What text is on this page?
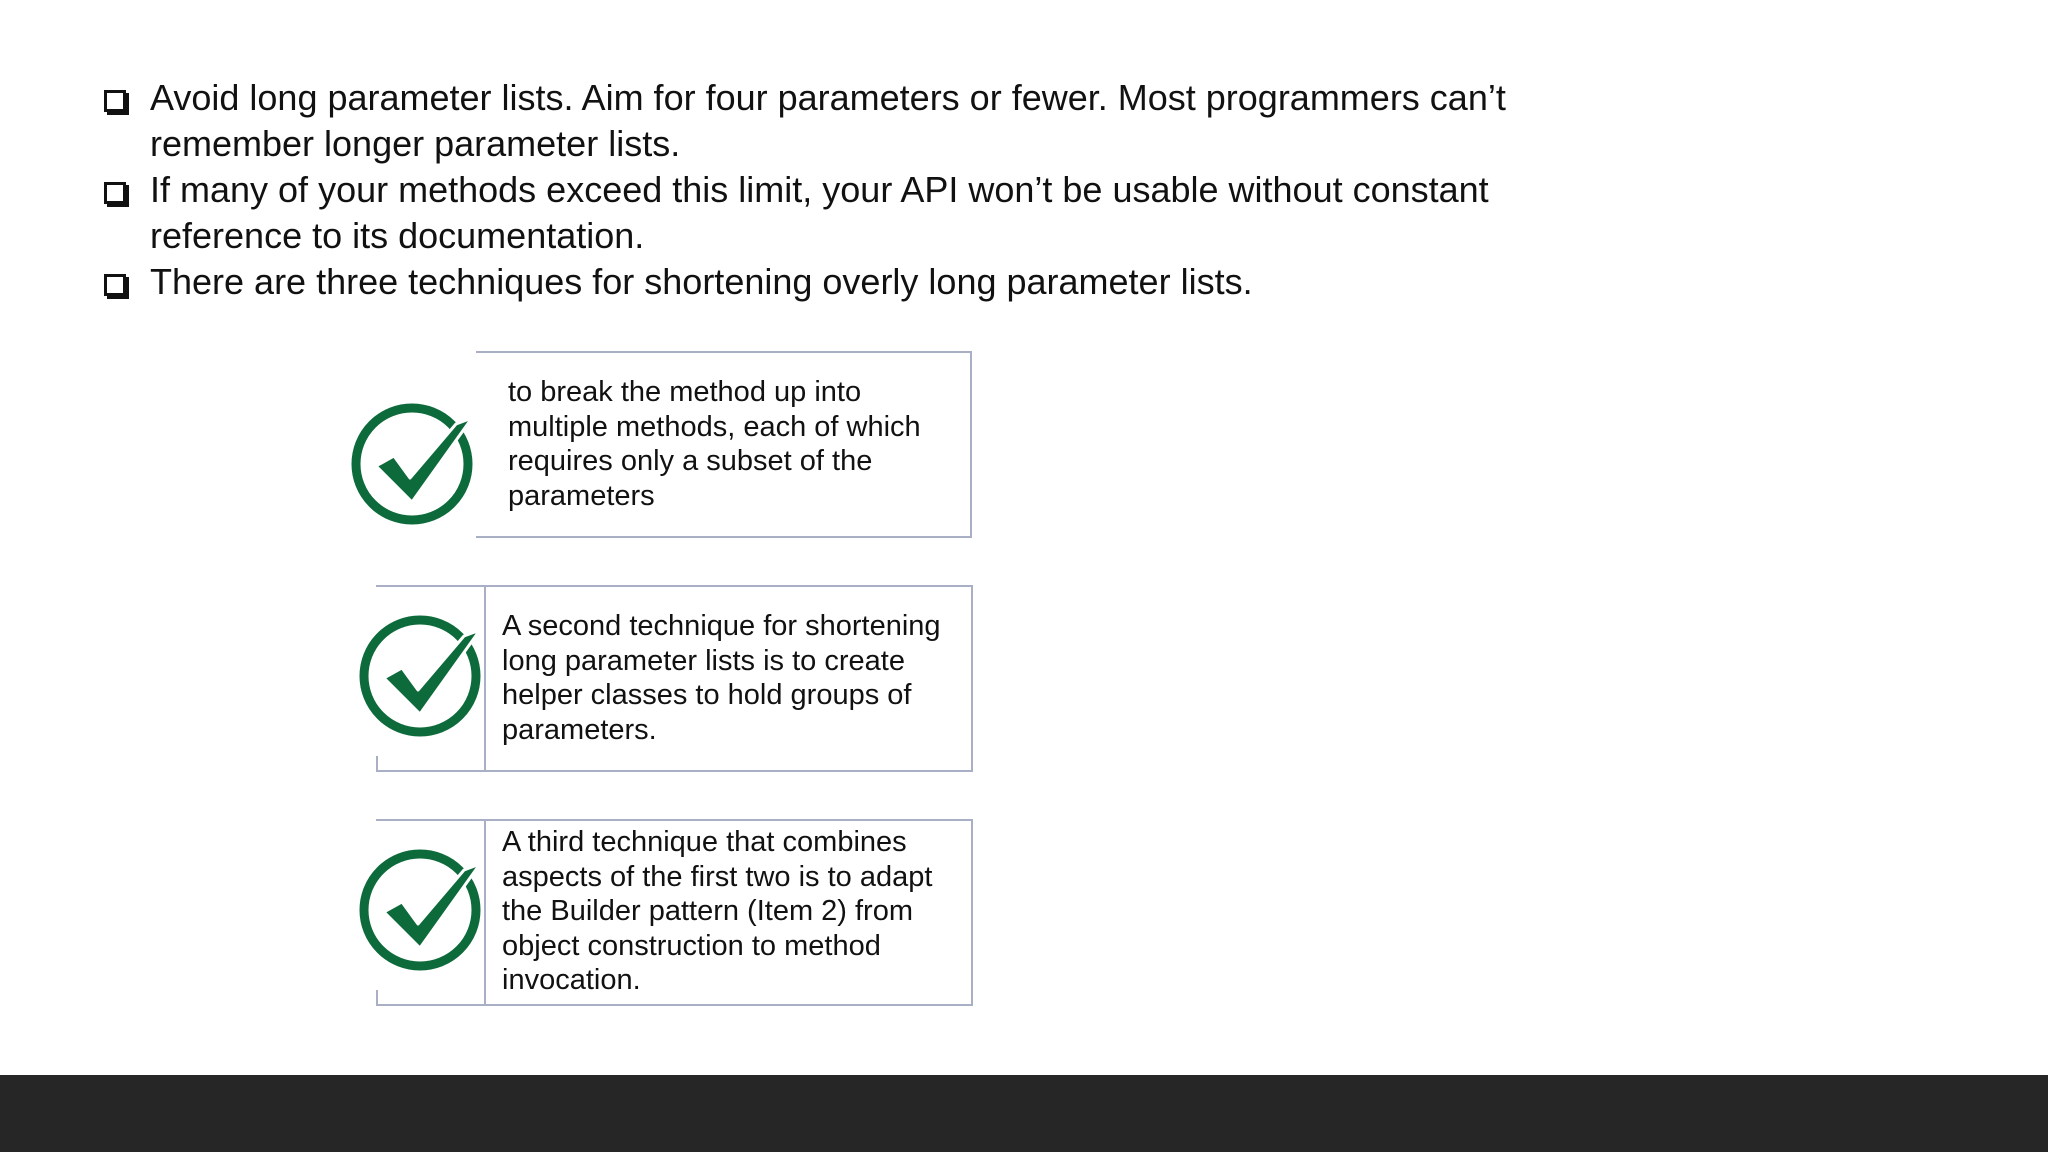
Avoid long parameter lists. Aim for four parameters or fewer. Most programmers can’t remember longer parameter lists.
If many of your methods exceed this limit, your API won’t be usable without constant reference to its documentation.
There are three techniques for shortening overly long parameter lists.
to break the method up into multiple methods, each of which requires only a subset of the parameters
A second technique for shortening long parameter lists is to create helper classes to hold groups of parameters.
A third technique that combines aspects of the first two is to adapt the Builder pattern (Item 2) from object construction to method invocation.
